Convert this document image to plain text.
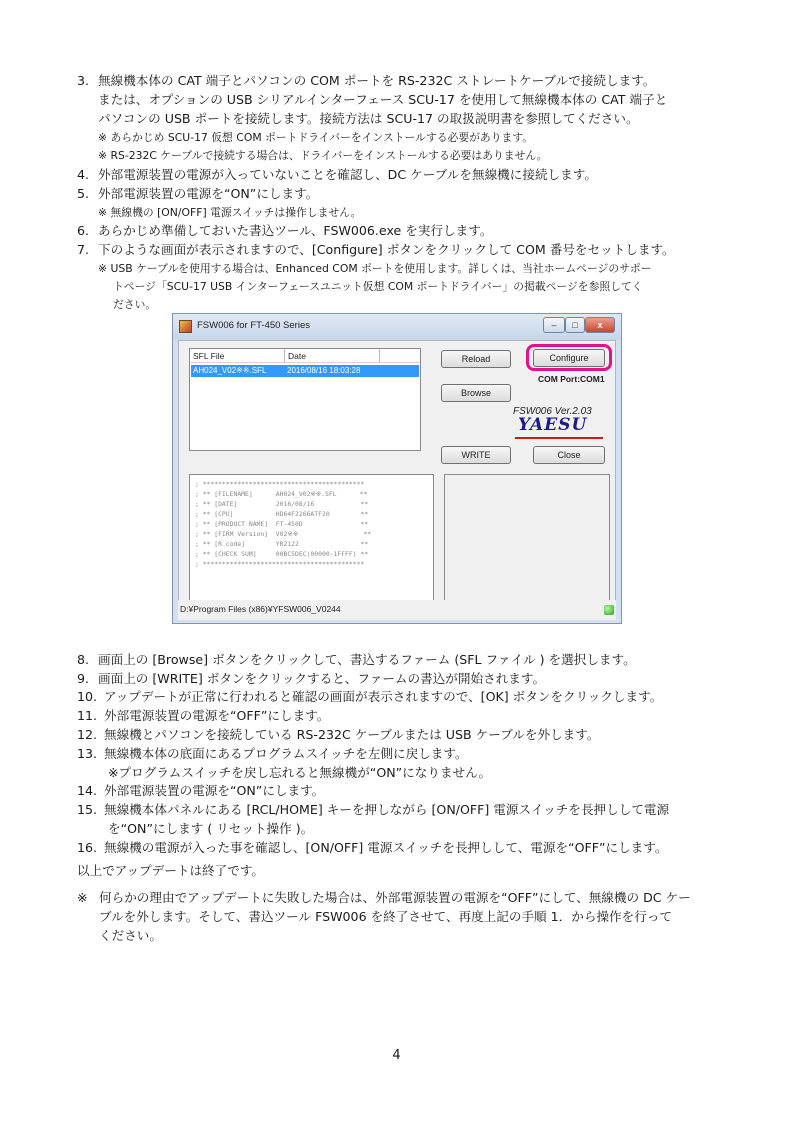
3. 無線機本体の CAT 端子とパソコンの COM ポートを RS-232C ストレートケーブルで接続します。
または、オプションの USB シリアルインターフェース SCU-17 を使用して無線機本体の CAT 端子と
パソコンの USB ポートを接続します。接続方法は SCU-17 の取扱説明書を参照してください。
※ あらかじめ SCU-17 仮想 COM ポートドライバーをインストールする必要があります。
※ RS-232C ケーブルで接続する場合は、ドライバーをインストールする必要はありません。
4. 外部電源装置の電源が入っていないことを確認し、DC ケーブルを無線機に接続します。
5. 外部電源装置の電源を“ON”にします。
※ 無線機の [ON/OFF] 電源スイッチは操作しません。
6. あらかじめ準備しておいた書込ツール、FSW006.exe を実行します。
7. 下のような画面が表示されますので、[Configure] ボタンをクリックして COM 番号をセットします。
※ USB ケーブルを使用する場合は、Enhanced COM ポートを使用します。詳しくは、当社ホームページのサポー
トページ「SCU-17 USB インターフェースユニット仮想 COM ポートドライバー」の掲載ページを参照してく
ださい。
FSW006 for FT-450 Series	–	□	x
SFL File	Date
AH024_V02※※.SFL	2016/08/16 18:03:28
Reload	Configure
COM Port:COM1
Browse
FSW006 Ver.2.03
YAESU
WRITE	Close
; ******************************************
; ** [FILENAME]      AH024_V02※※.SFL      **
; ** [DATE]          2016/08/16            **
; ** [CPU]           HD64F2266ATF20        **
; ** [PRODUCT NAME]  FT-450D               **
; ** [FIRM Version]  V02※※                 **
; ** [R code]        YR2122                **
; ** [CHECK SUM]     00BC5DEC(00000-1FFFF) **
; ******************************************
D:¥Program Files (x86)¥YFSW006_V0244
8. 画面上の [Browse] ボタンをクリックして、書込するファーム (SFL ファイル ) を選択します。
9. 画面上の [WRITE] ボタンをクリックすると、ファームの書込が開始されます。
10. アップデートが正常に行われると確認の画面が表示されますので、[OK] ボタンをクリックします。
11. 外部電源装置の電源を“OFF”にします。
12. 無線機とパソコンを接続している RS-232C ケーブルまたは USB ケーブルを外します。
13. 無線機本体の底面にあるプログラムスイッチを左側に戻します。
※プログラムスイッチを戻し忘れると無線機が“ON”になりません。
14. 外部電源装置の電源を“ON”にします。
15. 無線機本体パネルにある [RCL/HOME] キーを押しながら [ON/OFF] 電源スイッチを長押しして電源
を“ON”にします ( リセット操作 )。
16. 無線機の電源が入った事を確認し、[ON/OFF] 電源スイッチを長押しして、電源を“OFF”にします。
以上でアップデートは終了です。
※ 何らかの理由でアップデートに失敗した場合は、外部電源装置の電源を“OFF”にして、無線機の DC ケー
ブルを外します。そして、書込ツール FSW006 を終了させて、再度上記の手順 1．から操作を行って
ください。
4
